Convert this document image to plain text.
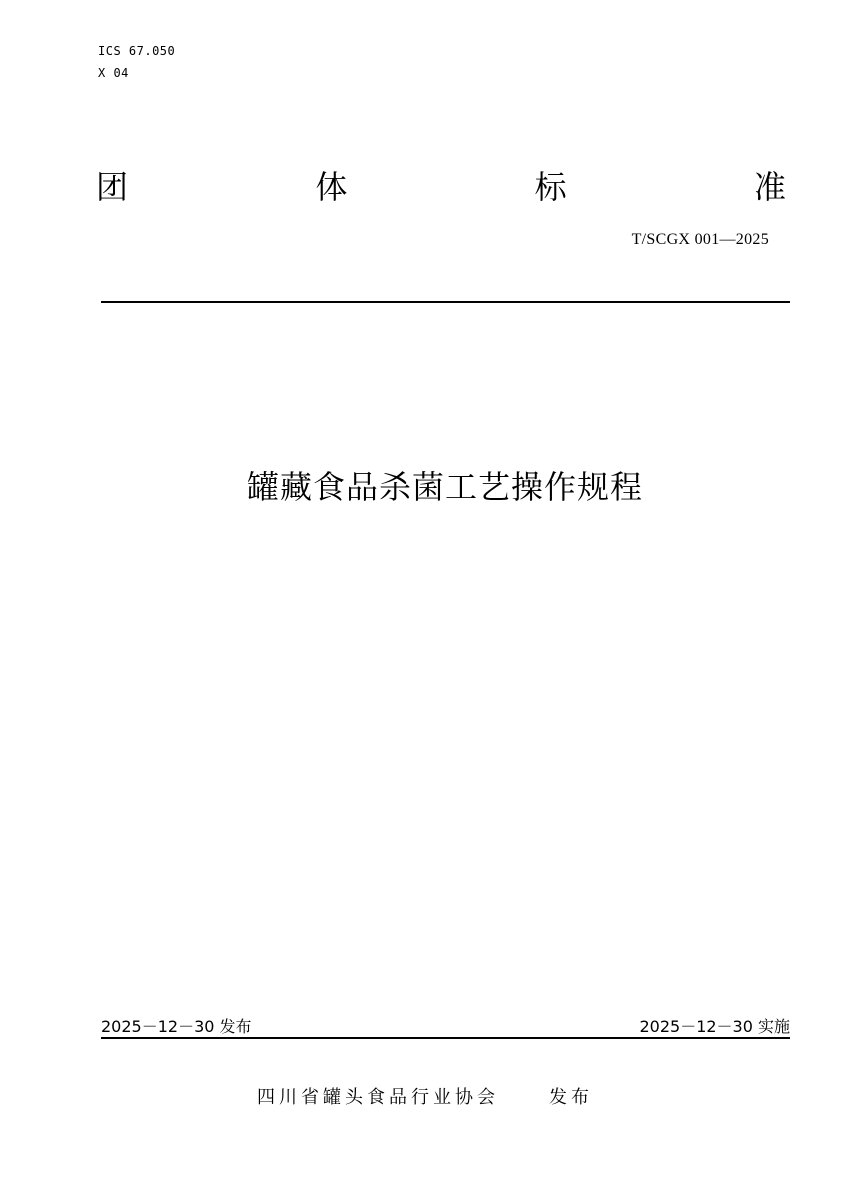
ICS 67.050
X 04
团	体	标	准
T/SCGX 001—2025
罐藏食品杀菌工艺操作规程
2025－12－30 发布	2025－12－30 实施
四川省罐头食品行业协会	发布
